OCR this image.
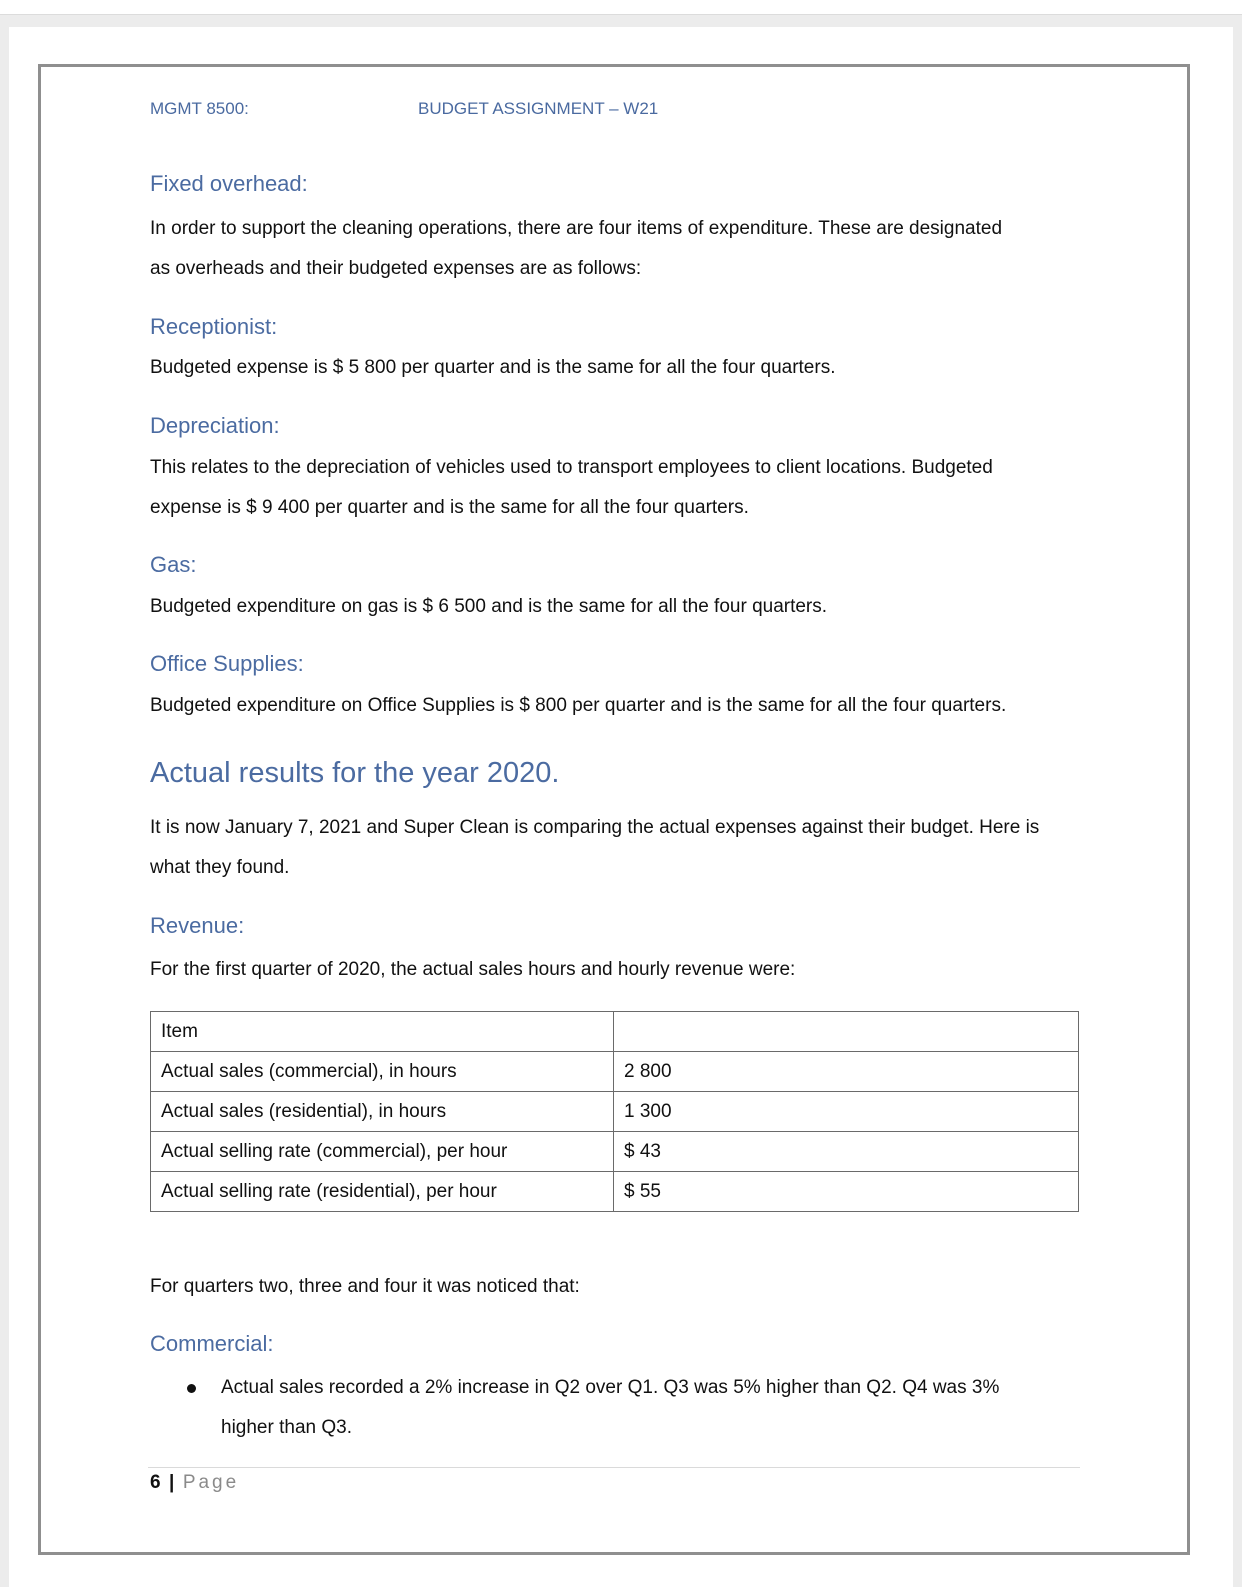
MGMT 8500:	BUDGET ASSIGNMENT – W21
Fixed overhead:
In order to support the cleaning operations, there are four items of expenditure. These are designated
as overheads and their budgeted expenses are as follows:
Receptionist:
Budgeted expense is $ 5 800 per quarter and is the same for all the four quarters.
Depreciation:
This relates to the depreciation of vehicles used to transport employees to client locations. Budgeted
expense is $ 9 400 per quarter and is the same for all the four quarters.
Gas:
Budgeted expenditure on gas is $ 6 500 and is the same for all the four quarters.
Office Supplies:
Budgeted expenditure on Office Supplies is $ 800 per quarter and is the same for all the four quarters.
Actual results for the year 2020.
It is now January 7, 2021 and Super Clean is comparing the actual expenses against their budget. Here is
what they found.
Revenue:
For the first quarter of 2020, the actual sales hours and hourly revenue were:
Item	
Actual sales (commercial), in hours	2 800
Actual sales (residential), in hours	1 300
Actual selling rate (commercial), per hour	$ 43
Actual selling rate (residential), per hour	$ 55
For quarters two, three and four it was noticed that:
Commercial:
Actual sales recorded a 2% increase in Q2 over Q1. Q3 was 5% higher than Q2. Q4 was 3%
higher than Q3.
6 | Page
